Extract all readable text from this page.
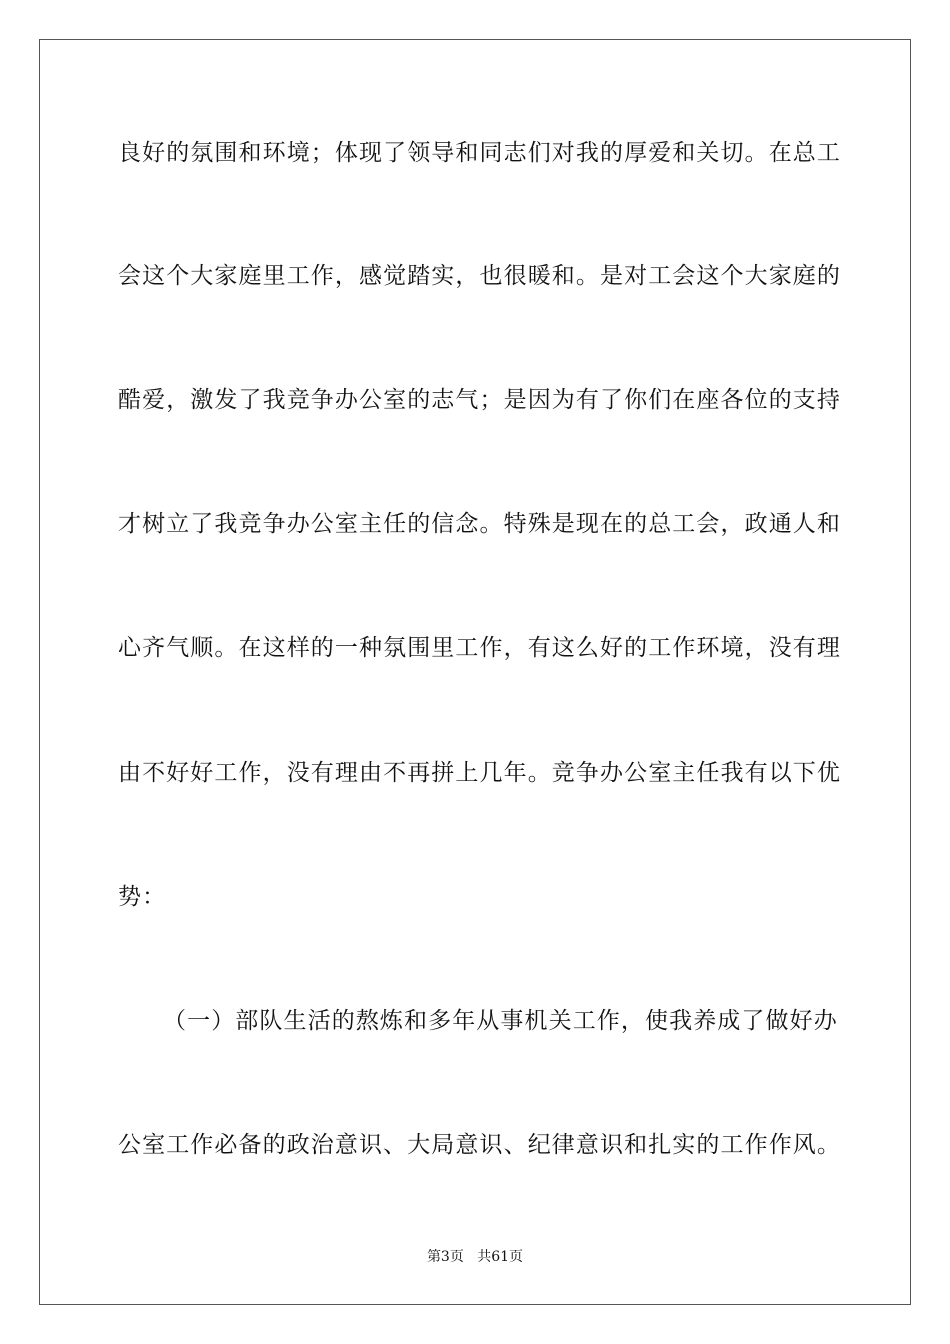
良好的氛围和环境；体现了领导和同志们对我的厚爱和关切。在总工
会这个大家庭里工作，感觉踏实，也很暖和。是对工会这个大家庭的
酷爱，激发了我竞争办公室的志气；是因为有了你们在座各位的支持
才树立了我竞争办公室主任的信念。特殊是现在的总工会，政通人和
心齐气顺。在这样的一种氛围里工作，有这么好的工作环境，没有理
由不好好工作，没有理由不再拼上几年。竞争办公室主任我有以下优
势：
（一）部队生活的熬炼和多年从事机关工作，使我养成了做好办
公室工作必备的政治意识、大局意识、纪律意识和扎实的工作作风。
第3页 共61页
